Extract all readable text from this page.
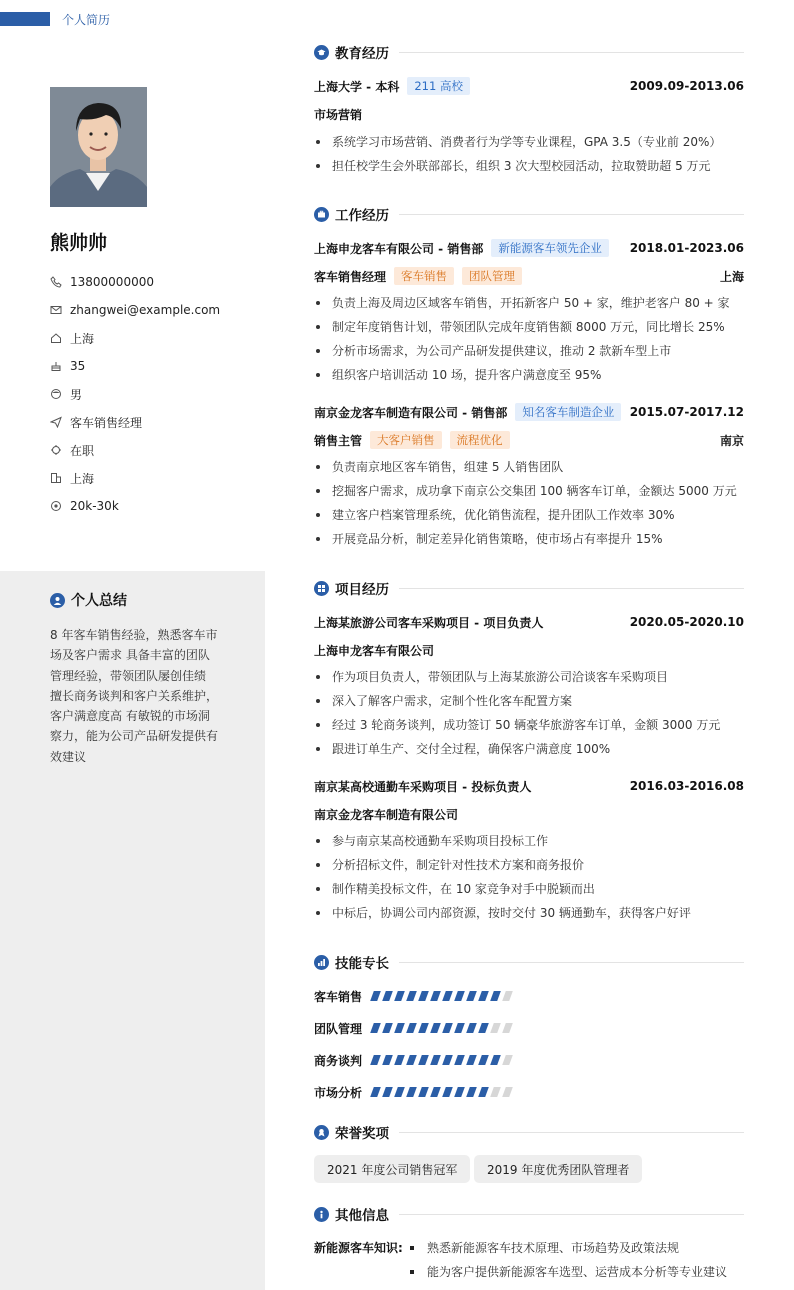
个人简历
熊帅帅
13800000000
zhangwei@example.com
上海
35
男
客车销售经理
在职
上海
20k-30k
个人总结
8 年客车销售经验，熟悉客车市场及客户需求 具备丰富的团队管理经验，带领团队屡创佳绩 擅长商务谈判和客户关系维护，客户满意度高 有敏锐的市场洞察力，能为公司产品研发提供有效建议
教育经历
上海大学 - 本科	211 高校	2009.09-2013.06
市场营销
系统学习市场营销、消费者行为学等专业课程，GPA 3.5（专业前 20%）
担任校学生会外联部部长，组织 3 次大型校园活动，拉取赞助超 5 万元
工作经历
上海申龙客车有限公司 - 销售部	新能源客车领先企业	2018.01-2023.06
客车销售经理	客车销售	团队管理	上海
负责上海及周边区域客车销售，开拓新客户 50 + 家，维护老客户 80 + 家
制定年度销售计划，带领团队完成年度销售额 8000 万元，同比增长 25%
分析市场需求，为公司产品研发提供建议，推动 2 款新车型上市
组织客户培训活动 10 场，提升客户满意度至 95%
南京金龙客车制造有限公司 - 销售部	知名客车制造企业	2015.07-2017.12
销售主管	大客户销售	流程优化	南京
负责南京地区客车销售，组建 5 人销售团队
挖掘客户需求，成功拿下南京公交集团 100 辆客车订单，金额达 5000 万元
建立客户档案管理系统，优化销售流程，提升团队工作效率 30%
开展竞品分析，制定差异化销售策略，使市场占有率提升 15%
项目经历
上海某旅游公司客车采购项目 - 项目负责人	2020.05-2020.10
上海申龙客车有限公司
作为项目负责人，带领团队与上海某旅游公司洽谈客车采购项目
深入了解客户需求，定制个性化客车配置方案
经过 3 轮商务谈判，成功签订 50 辆豪华旅游客车订单，金额 3000 万元
跟进订单生产、交付全过程，确保客户满意度 100%
南京某高校通勤车采购项目 - 投标负责人	2016.03-2016.08
南京金龙客车制造有限公司
参与南京某高校通勤车采购项目投标工作
分析招标文件，制定针对性技术方案和商务报价
制作精美投标文件，在 10 家竞争对手中脱颖而出
中标后，协调公司内部资源，按时交付 30 辆通勤车，获得客户好评
技能专长
客车销售
团队管理
商务谈判
市场分析
荣誉奖项
2021 年度公司销售冠军	2019 年度优秀团队管理者
其他信息
新能源客车知识:	熟悉新能源客车技术原理、市场趋势及政策法规
能为客户提供新能源客车选型、运营成本分析等专业建议
